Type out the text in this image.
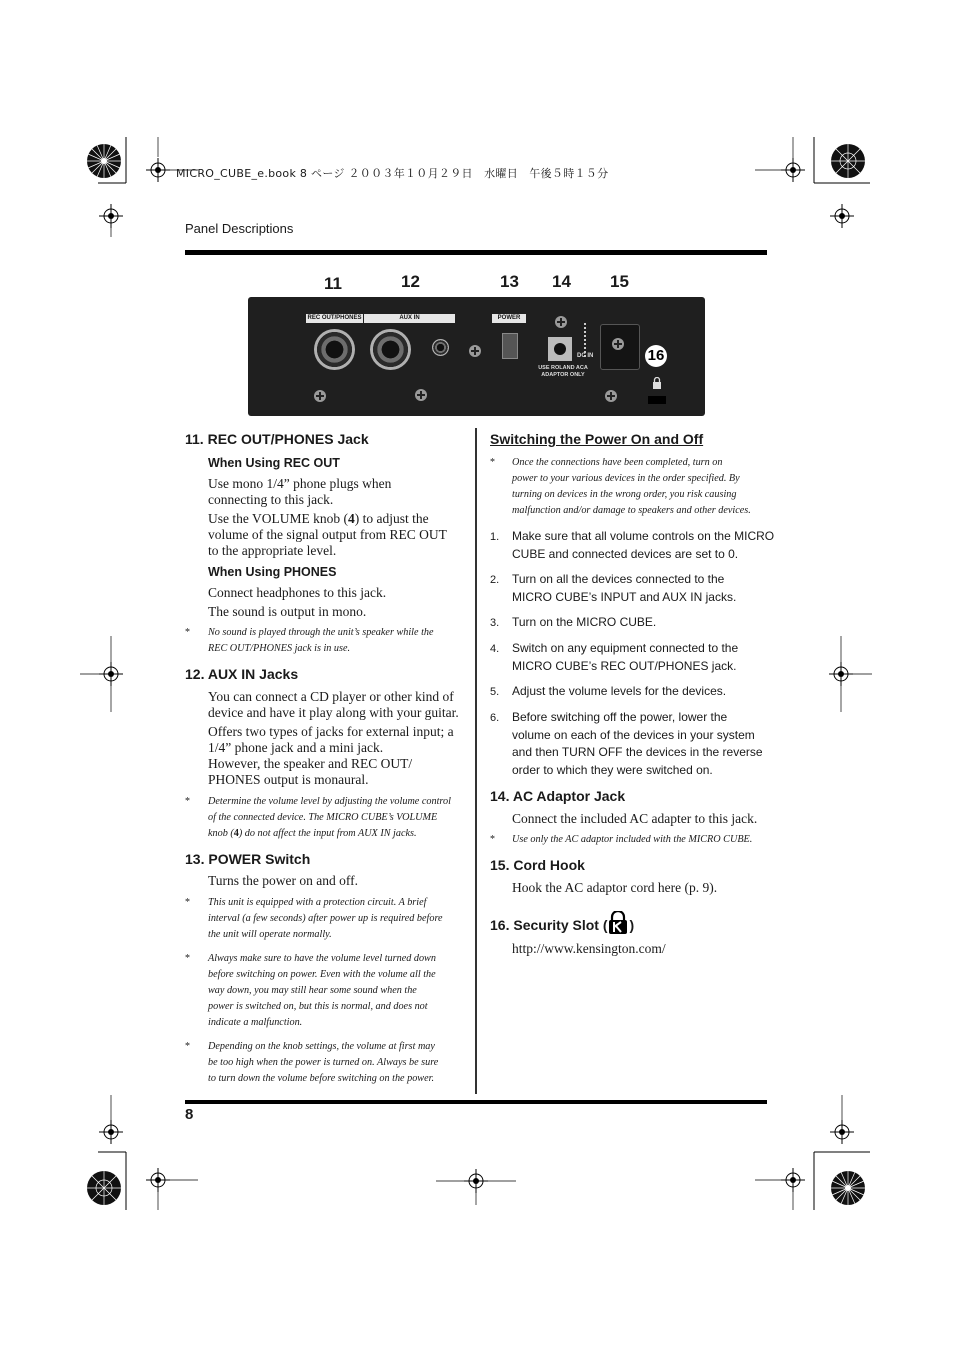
MICRO_CUBE_e.book 8 ページ ２００３年１０月２９日　水曜日　午後５時１５分
Panel Descriptions
11	12	13 14 15
REC OUT/PHONES	AUX IN	POWER
DC IN
USE ROLAND ACA
ADAPTOR ONLY
16
11. REC OUT/PHONES Jack
When Using REC OUT
Use mono 1/4” phone plugs when
connecting to this jack.
Use the VOLUME knob (4) to adjust the
volume of the signal output from REC OUT
to the appropriate level.
When Using PHONES
Connect headphones to this jack.
The sound is output in mono.
* No sound is played through the unit’s speaker while the
REC OUT/PHONES jack is in use.
12. AUX IN Jacks
You can connect a CD player or other kind of
device and have it play along with your guitar.
Offers two types of jacks for external input; a
1/4” phone jack and a mini jack.
However, the speaker and REC OUT/
PHONES output is monaural.
* Determine the volume level by adjusting the volume control
of the connected device. The MICRO CUBE’s VOLUME
knob (4) do not affect the input from AUX IN jacks.
13. POWER Switch
Turns the power on and off.
* This unit is equipped with a protection circuit. A brief
interval (a few seconds) after power up is required before
the unit will operate normally.
* Always make sure to have the volume level turned down
before switching on power. Even with the volume all the
way down, you may still hear some sound when the
power is switched on, but this is normal, and does not
indicate a malfunction.
* Depending on the knob settings, the volume at first may
be too high when the power is turned on. Always be sure
to turn down the volume before switching on the power.
Switching the Power On and Off
* Once the connections have been completed, turn on
power to your various devices in the order specified. By
turning on devices in the wrong order, you risk causing
malfunction and/or damage to speakers and other devices.
1. Make sure that all volume controls on the MICRO
CUBE and connected devices are set to 0.
2. Turn on all the devices connected to the
MICRO CUBE’s INPUT and AUX IN jacks.
3. Turn on the MICRO CUBE.
4. Switch on any equipment connected to the
MICRO CUBE’s REC OUT/PHONES jack.
5. Adjust the volume levels for the devices.
6. Before switching off the power, lower the
volume on each of the devices in your system
and then TURN OFF the devices in the reverse
order to which they were switched on.
14. AC Adaptor Jack
Connect the included AC adapter to this jack.
* Use only the AC adaptor included with the MICRO CUBE.
15. Cord Hook
Hook the AC adaptor cord here (p. 9).
16. Security Slot ( )
http://www.kensington.com/
8
